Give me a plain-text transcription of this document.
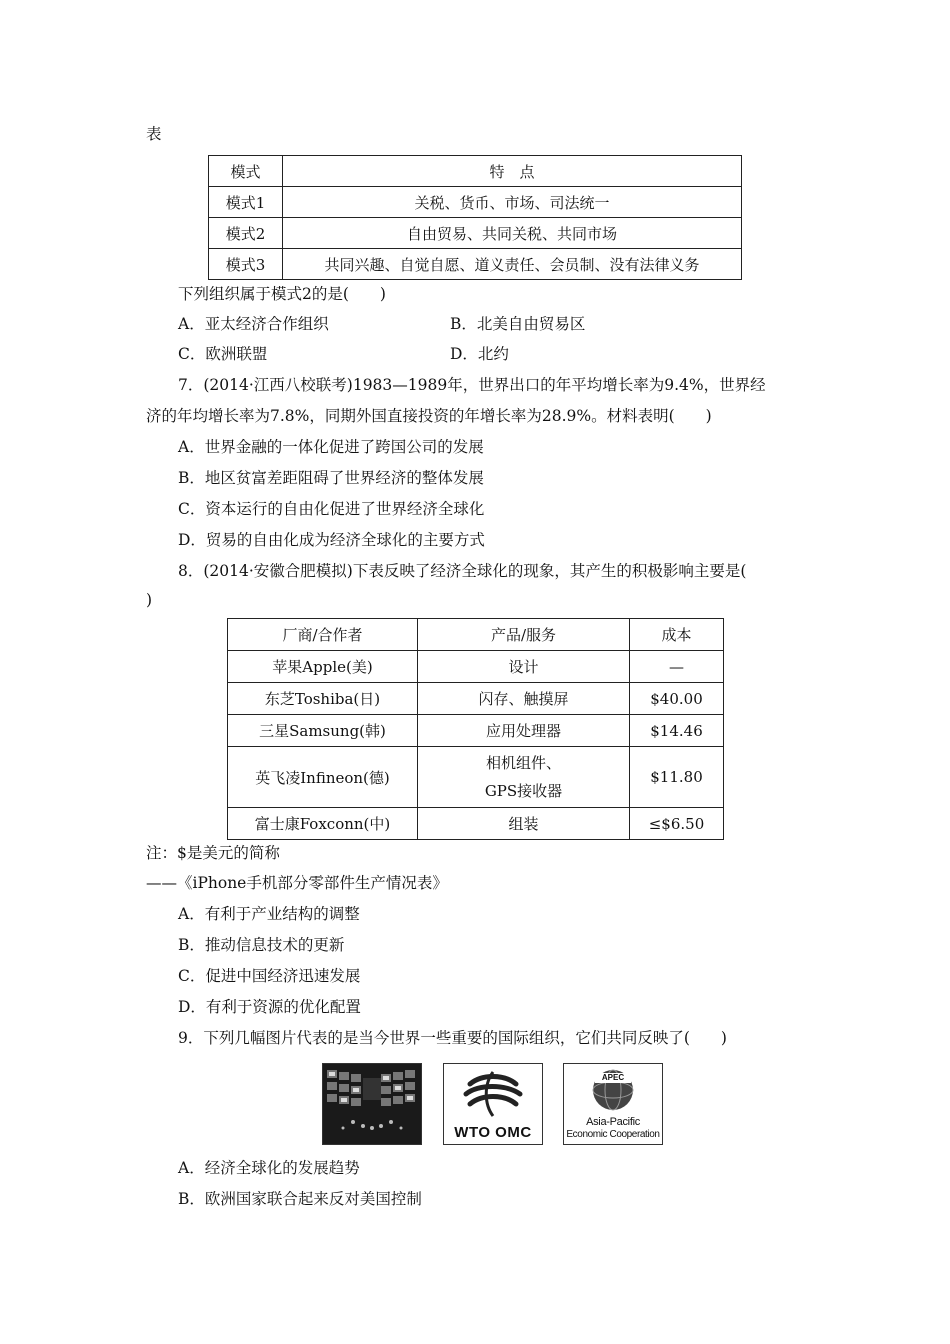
表
模式	特　点
模式1	关税、货币、市场、司法统一
模式2	自由贸易、共同关税、共同市场
模式3	共同兴趣、自觉自愿、道义责任、会员制、没有法律义务
下列组织属于模式2的是(　　)
A．亚太经济合作组织	B．北美自由贸易区
C．欧洲联盟	D．北约
7．(2014·江西八校联考)1983—1989年，世界出口的年平均增长率为9.4%，世界经
济的年均增长率为7.8%，同期外国直接投资的年增长率为28.9%。材料表明(　　)
A．世界金融的一体化促进了跨国公司的发展
B．地区贫富差距阻碍了世界经济的整体发展
C．资本运行的自由化促进了世界经济全球化
D．贸易的自由化成为经济全球化的主要方式
8．(2014·安徽合肥模拟)下表反映了经济全球化的现象，其产生的积极影响主要是(
)
厂商/合作者	产品/服务	成本
苹果Apple(美)	设计	—
东芝Toshiba(日)	闪存、触摸屏	$40.00
三星Samsung(韩)	应用处理器	$14.46
英飞凌Infineon(德)	相机组件、
GPS接收器	$11.80
富士康Foxconn(中)	组装	≤$6.50
注：$是美元的简称
——《iPhone手机部分零部件生产情况表》
A．有利于产业结构的调整
B．推动信息技术的更新
C．促进中国经济迅速发展
D．有利于资源的优化配置
9．下列几幅图片代表的是当今世界一些重要的国际组织，它们共同反映了(　　)
WTO OMC
APEC
Asia-Pacific
Economic Cooperation
A．经济全球化的发展趋势
B．欧洲国家联合起来反对美国控制
